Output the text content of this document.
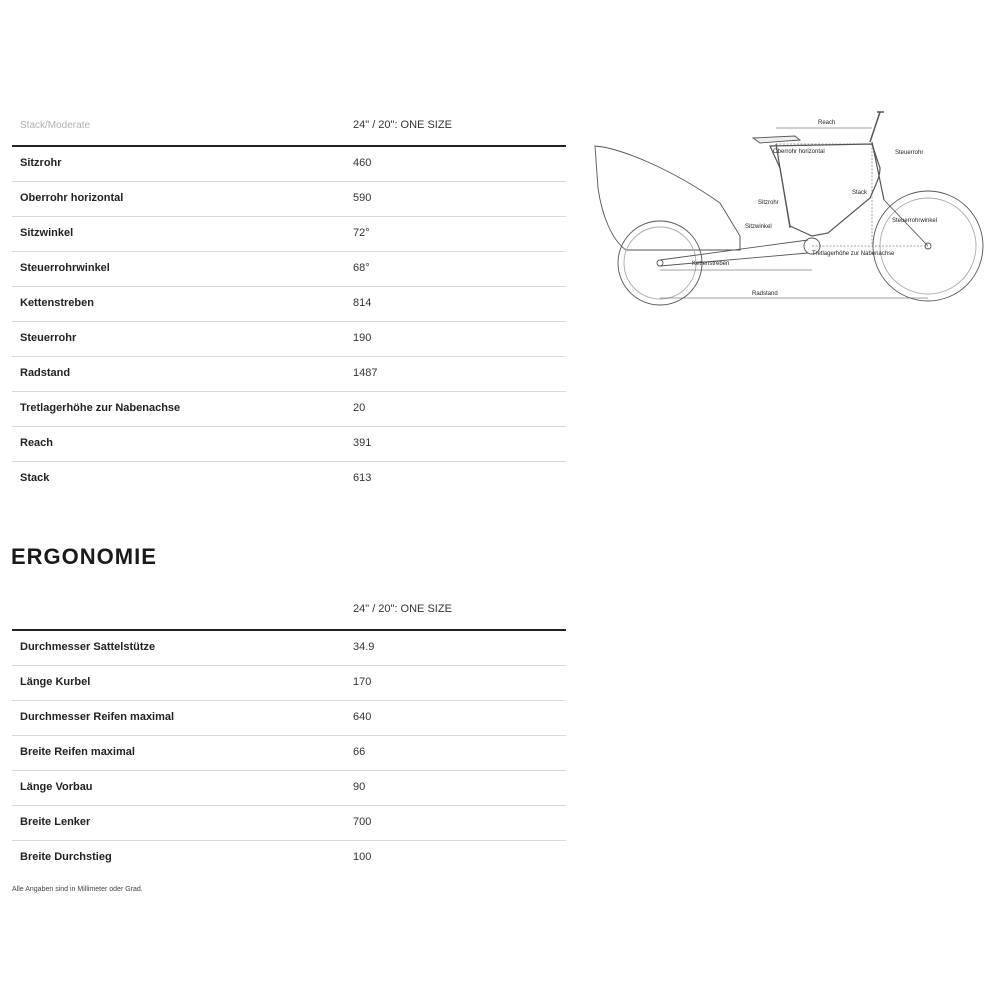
Stack/Moderate	24" / 20": ONE SIZE
Sitzrohr	460
Oberrohr horizontal	590
Sitzwinkel	72°
Steuerrohrwinkel	68°
Kettenstreben	814
Steuerrohr	190
Radstand	1487
Tretlagerhöhe zur Nabenachse	20
Reach	391
Stack	613
ERGONOMIE
24" / 20": ONE SIZE
Durchmesser Sattelstütze	34.9
Länge Kurbel	170
Durchmesser Reifen maximal	640
Breite Reifen maximal	66
Länge Vorbau	90
Breite Lenker	700
Breite Durchstieg	100
Alle Angaben sind in Millimeter oder Grad.
Reach
Oberrohr horizontal	Steuerrohr
Stack
Sitzrohr
Steuerrohrwinkel
Sitzwinkel
Tretlagerhöhe zur Nabenachse
Kettenstreben
Radstand
